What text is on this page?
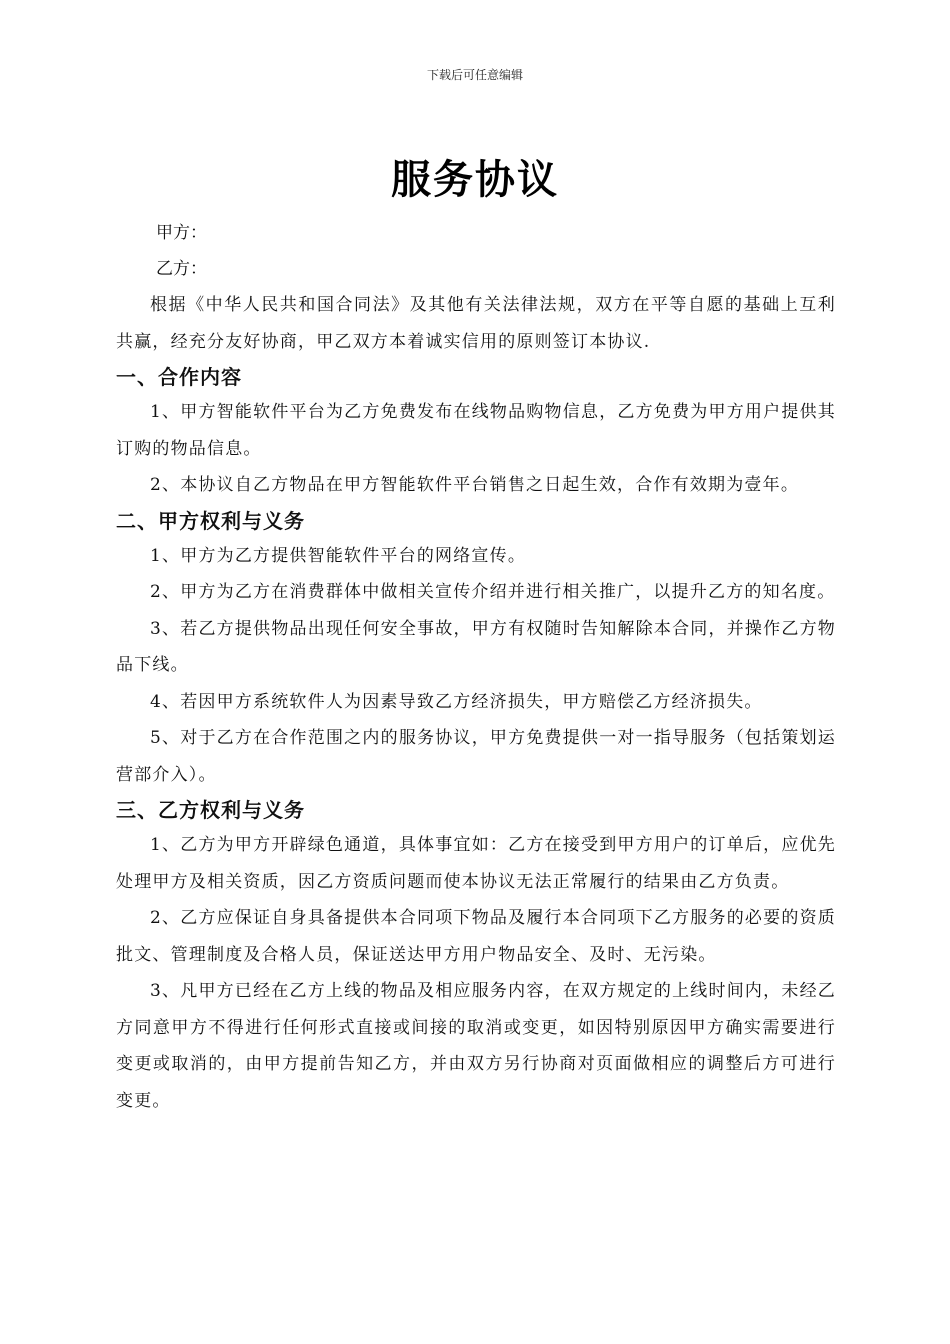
下载后可任意编辑
服务协议

甲方：

乙方：

根据《中华人民共和国合同法》及其他有关法律法规，双方在平等自愿的基础上互利共赢，经充分友好协商，甲乙双方本着诚实信用的原则签订本协议.

一、合作内容

1、甲方智能软件平台为乙方免费发布在线物品购物信息，乙方免费为甲方用户提供其订购的物品信息。

2、本协议自乙方物品在甲方智能软件平台销售之日起生效，合作有效期为壹年。

二、甲方权利与义务

1、甲方为乙方提供智能软件平台的网络宣传。

2、甲方为乙方在消费群体中做相关宣传介绍并进行相关推广，以提升乙方的知名度。

3、若乙方提供物品出现任何安全事故，甲方有权随时告知解除本合同，并操作乙方物品下线。

4、若因甲方系统软件人为因素导致乙方经济损失，甲方赔偿乙方经济损失。

5、对于乙方在合作范围之内的服务协议，甲方免费提供一对一指导服务（包括策划运营部介入）。

三、乙方权利与义务

1、乙方为甲方开辟绿色通道，具体事宜如：乙方在接受到甲方用户的订单后，应优先处理甲方及相关资质，因乙方资质问题而使本协议无法正常履行的结果由乙方负责。

2、乙方应保证自身具备提供本合同项下物品及履行本合同项下乙方服务的必要的资质批文、管理制度及合格人员，保证送达甲方用户物品安全、及时、无污染。

3、凡甲方已经在乙方上线的物品及相应服务内容，在双方规定的上线时间内，未经乙方同意甲方不得进行任何形式直接或间接的取消或变更，如因特别原因甲方确实需要进行变更或取消的，由甲方提前告知乙方，并由双方另行协商对页面做相应的调整后方可进行变更。
